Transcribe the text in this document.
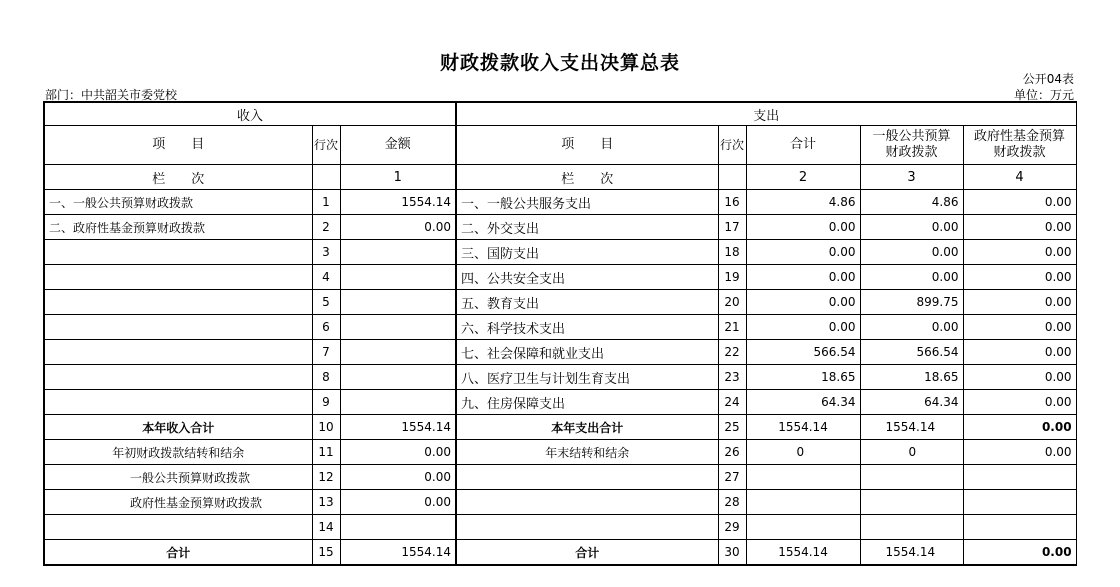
财政拨款收入支出决算总表
公开04表
部门：中共韶关市委党校	单位：万元
收入			支出				
项　　目	行次	金额	项　　目	行次	合计	一般公共预算财政拨款	政府性基金预算财政拨款
栏　　次		1	栏　　次		2	3	4
一、一般公共预算财政拨款	1	1554.14	一、一般公共服务支出	16	4.86	4.86	0.00
二、政府性基金预算财政拨款	2	0.00	二、外交支出	17	0.00	0.00	0.00
	3		三、国防支出	18	0.00	0.00	0.00
	4		四、公共安全支出	19	0.00	0.00	0.00
	5		五、教育支出	20	0.00	899.75	0.00
	6		六、科学技术支出	21	0.00	0.00	0.00
	7		七、社会保障和就业支出	22	566.54	566.54	0.00
	8		八、医疗卫生与计划生育支出	23	18.65	18.65	0.00
	9		九、住房保障支出	24	64.34	64.34	0.00
本年收入合计	10	1554.14	本年支出合计	25	1554.14	1554.14	0.00
年初财政拨款结转和结余	11	0.00	年末结转和结余	26	0	0	0.00
一般公共预算财政拨款	12	0.00		27			
政府性基金预算财政拨款	13	0.00		28			
	14			29			
合计	15	1554.14	合计	30	1554.14	1554.14	0.00
